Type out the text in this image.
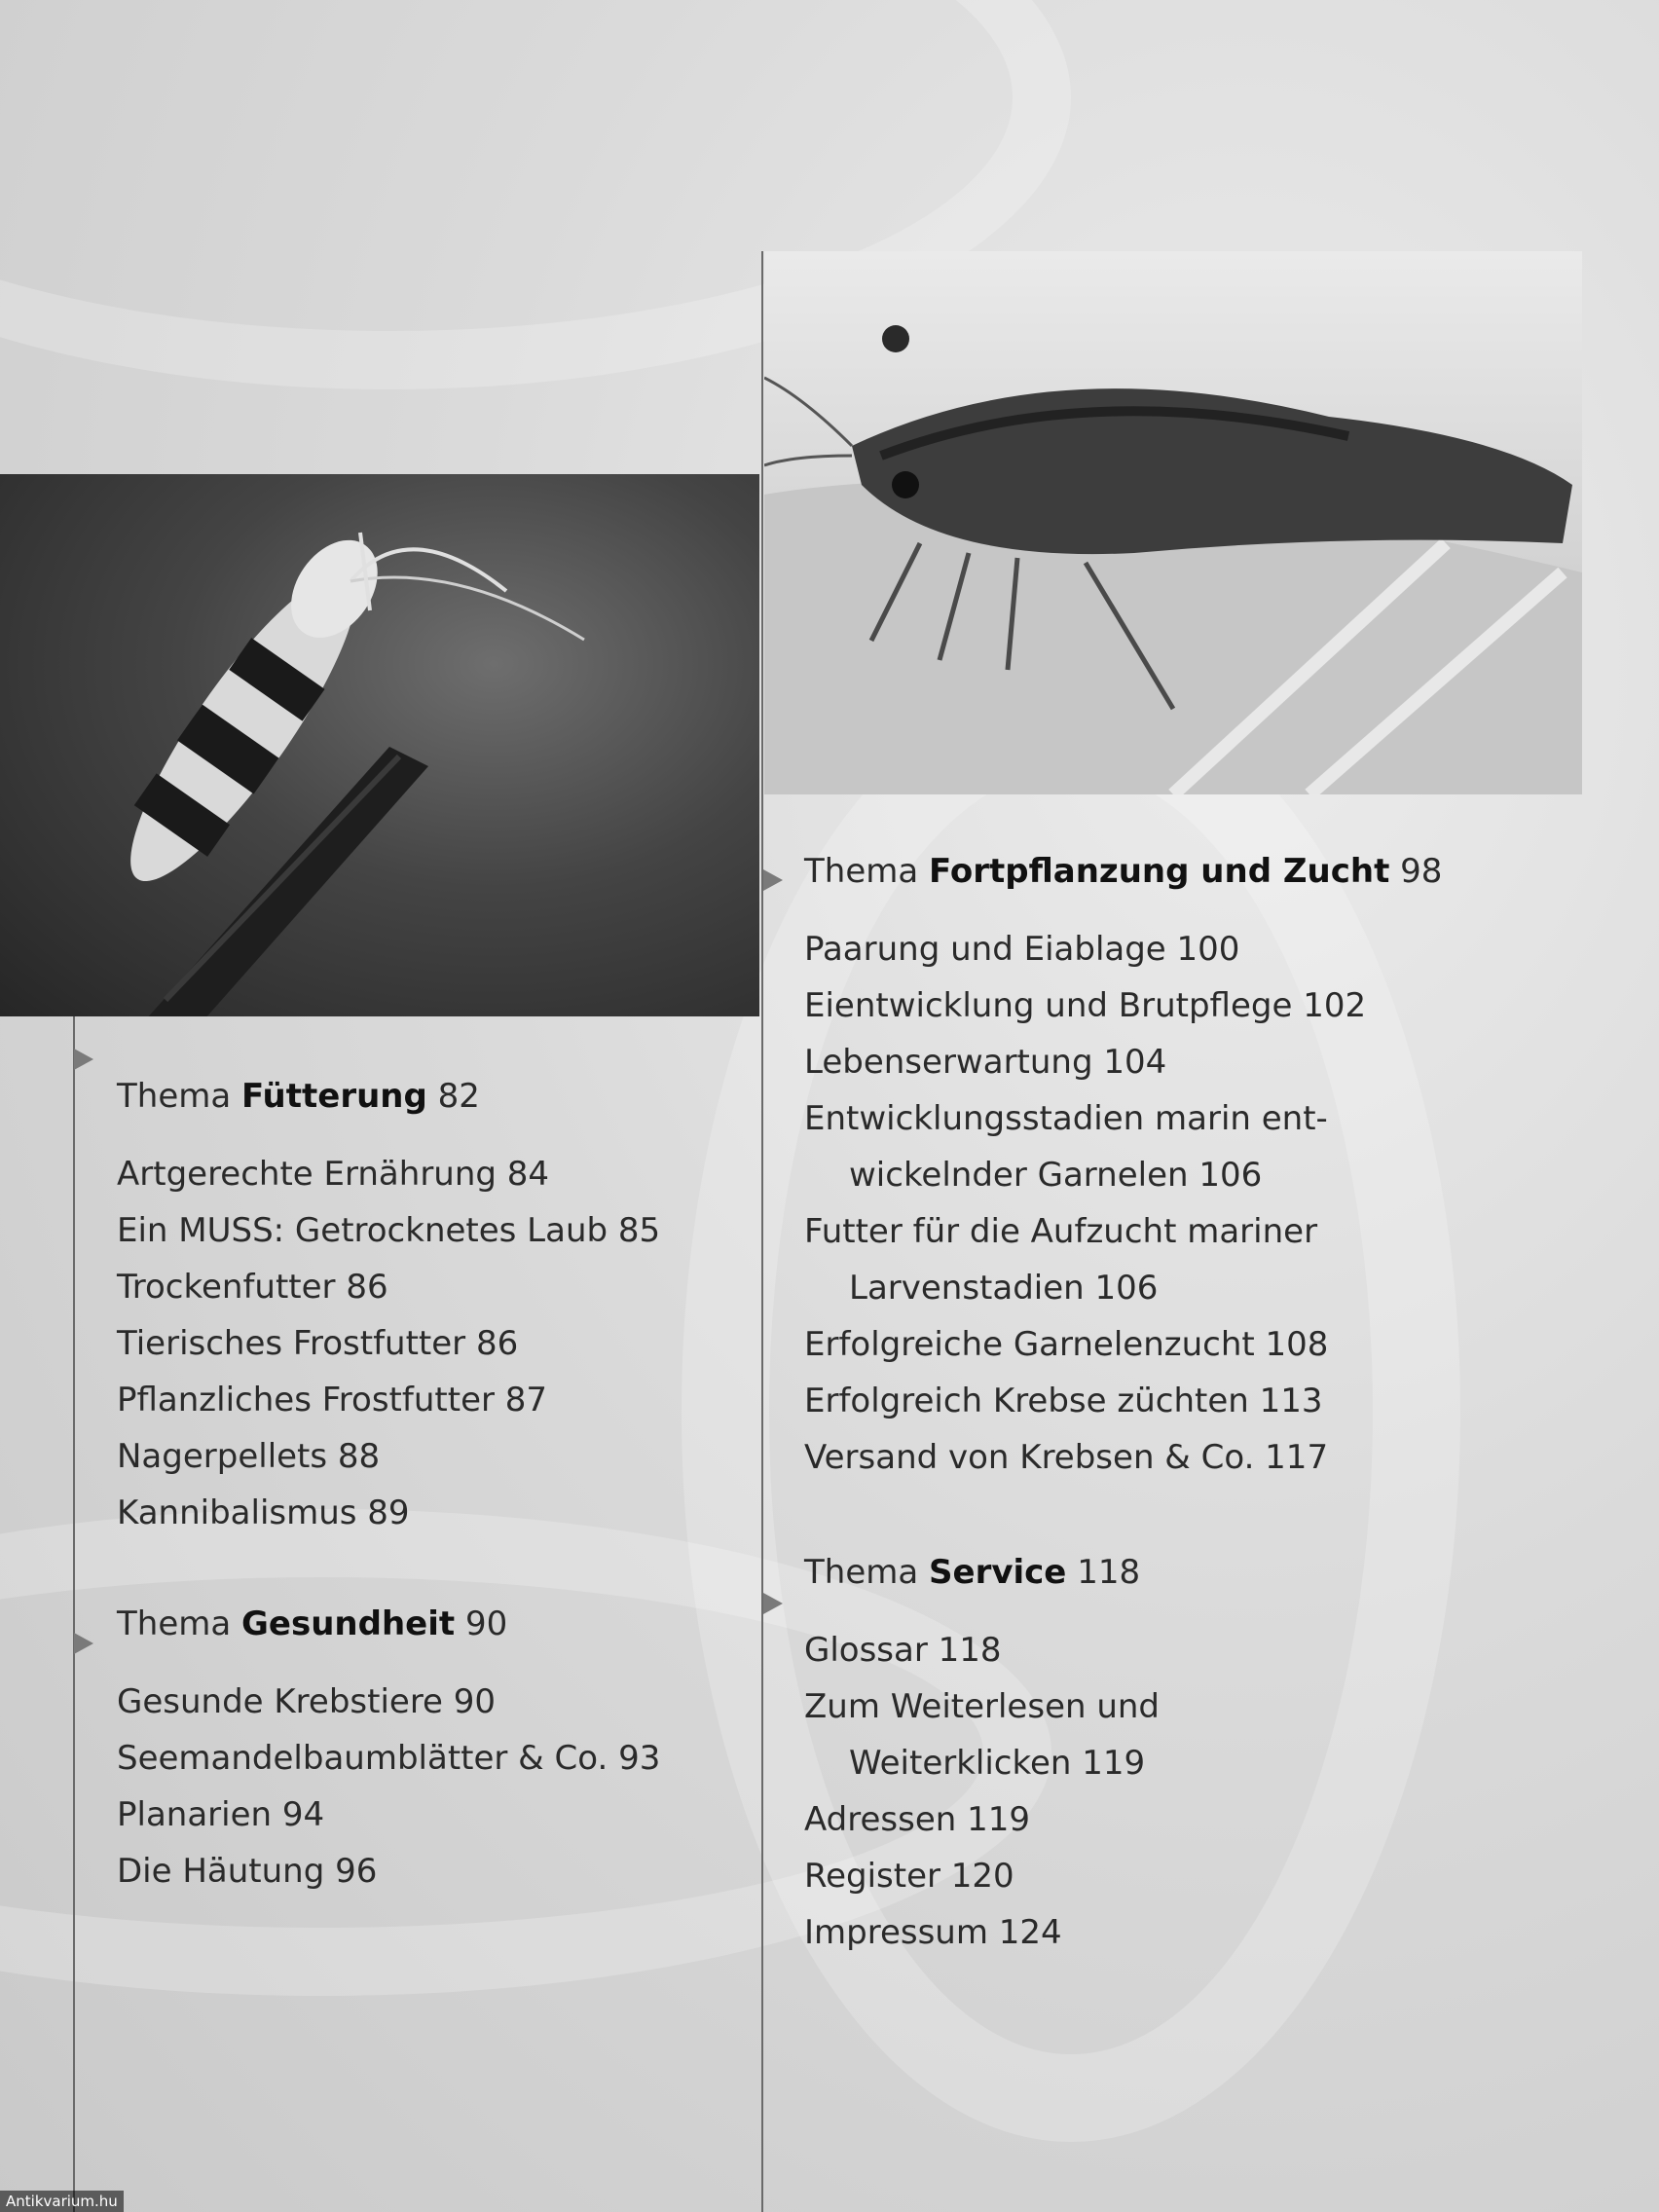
Thema Fütterung 82
Artgerechte Ernährung 84
Ein MUSS: Getrocknetes Laub 85
Trockenfutter 86
Tierisches Frostfutter 86
Pflanzliches Frostfutter 87
Nagerpellets 88
Kannibalismus 89
Thema Gesundheit 90
Gesunde Krebstiere 90
Seemandelbaumblätter & Co. 93
Planarien 94
Die Häutung 96
Thema Fortpflanzung und Zucht 98
Paarung und Eiablage 100
Eientwicklung und Brutpflege 102
Lebenserwartung 104
Entwicklungsstadien marin ent-
wickelnder Garnelen 106
Futter für die Aufzucht mariner
Larvenstadien 106
Erfolgreiche Garnelenzucht 108
Erfolgreich Krebse züchten 113
Versand von Krebsen & Co. 117
Thema Service 118
Glossar 118
Zum Weiterlesen und
Weiterklicken 119
Adressen 119
Register 120
Impressum 124
Antikvarium.hu
